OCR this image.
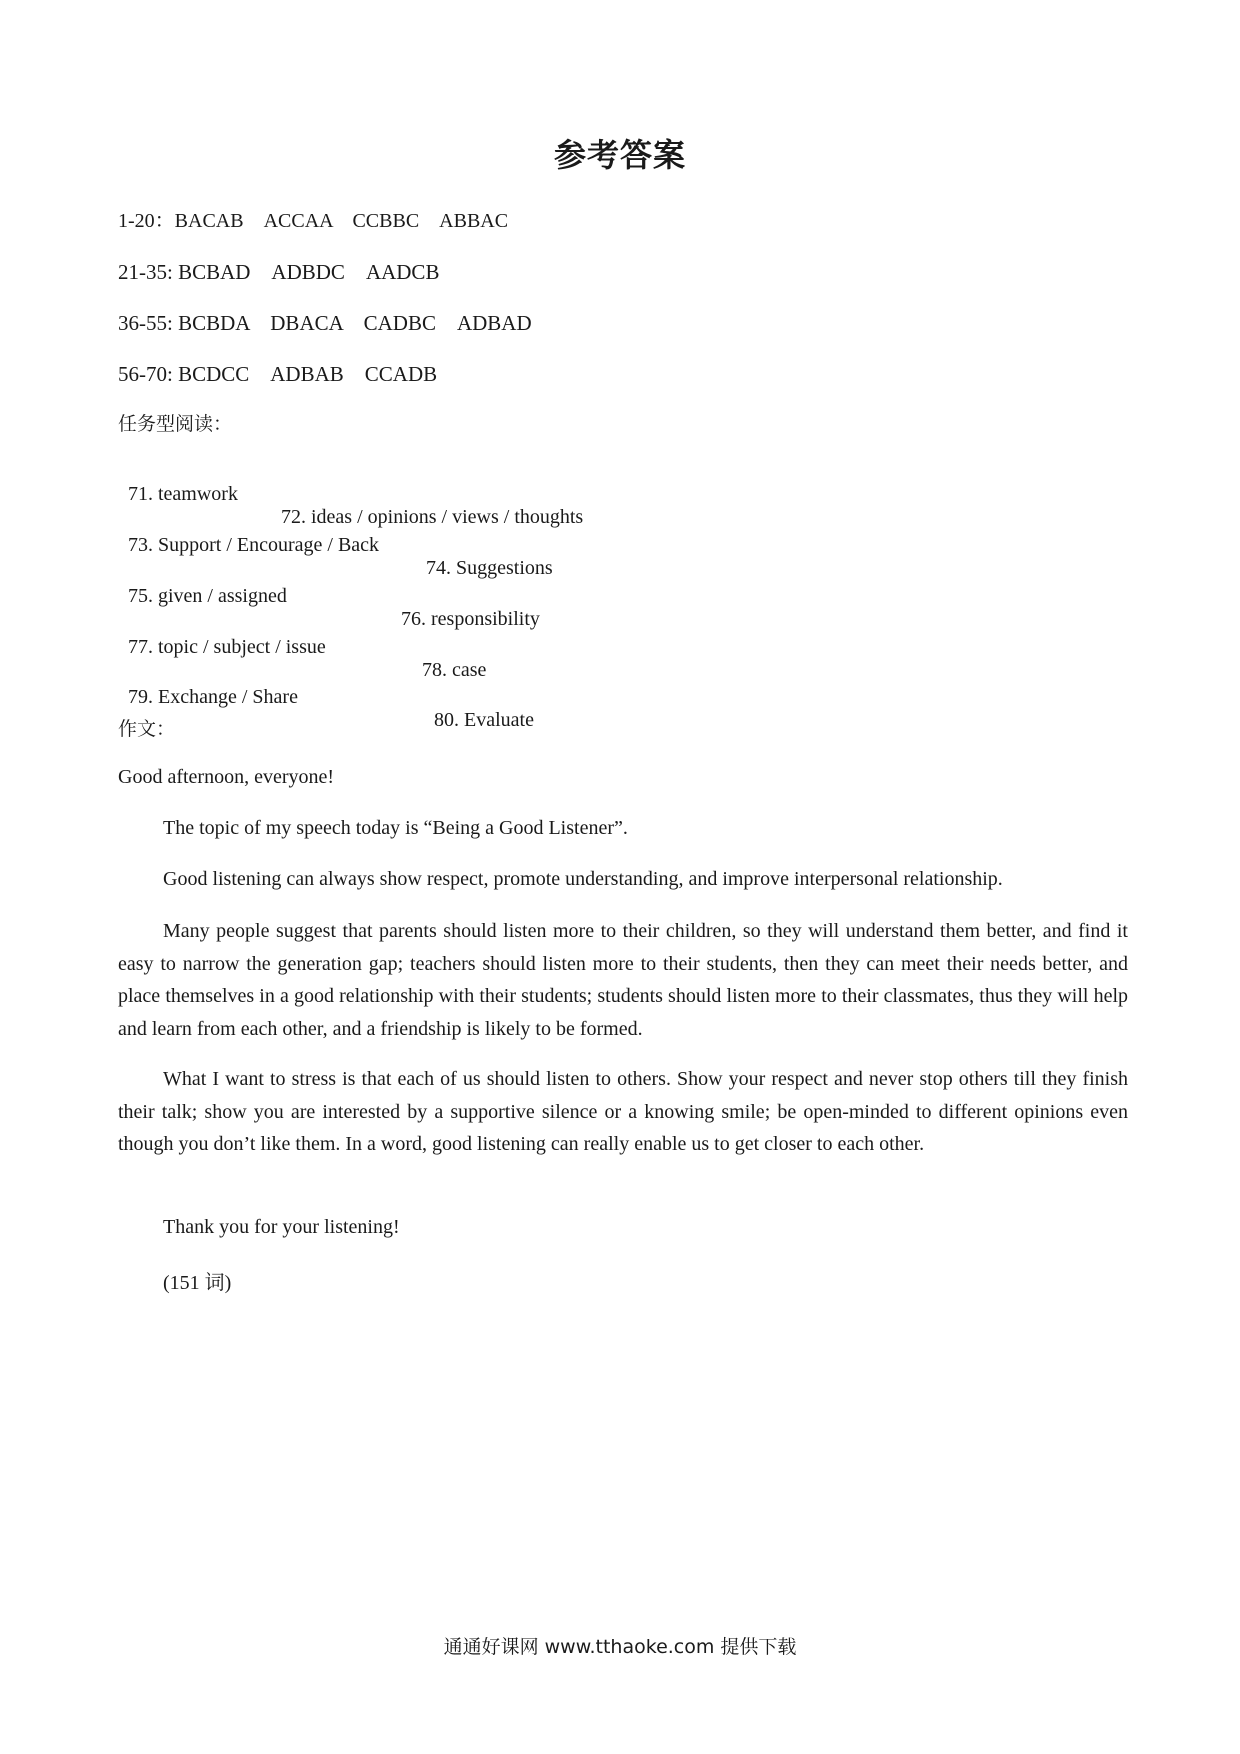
参考答案
1-20：BACAB　ACCAA　CCBBC　ABBAC
21-35: BCBAD　ADBDC　AADCB
36-55: BCBDA　DBACA　CADBC　ADBAD
56-70: BCDCC　ADBAB　CCADB
任务型阅读：

71. teamwork

72. ideas / opinions / views / thoughts

73. Support / Encourage / Back

74. Suggestions

75. given / assigned

76. responsibility

77. topic / subject / issue

78. case

79. Exchange / Share

80. Evaluate

作文：
Good afternoon, everyone!
The topic of my speech today is “Being a Good Listener”.
Good listening can always show respect, promote understanding, and improve interpersonal relationship.
Many people suggest that parents should listen more to their children, so they will understand them better, and find it easy to narrow the generation gap; teachers should listen more to their students, then they can meet their needs better, and place themselves in a good relationship with their students; students should listen more to their classmates, thus they will help and learn from each other, and a friendship is likely to be formed.
What I want to stress is that each of us should listen to others. Show your respect and never stop others till they finish their talk; show you are interested by a supportive silence or a knowing smile; be open-minded to different opinions even though you don’t like them. In a word, good listening can really enable us to get closer to each other.
Thank you for your listening!
(151 词)
通通好课网 www.tthaoke.com 提供下载
